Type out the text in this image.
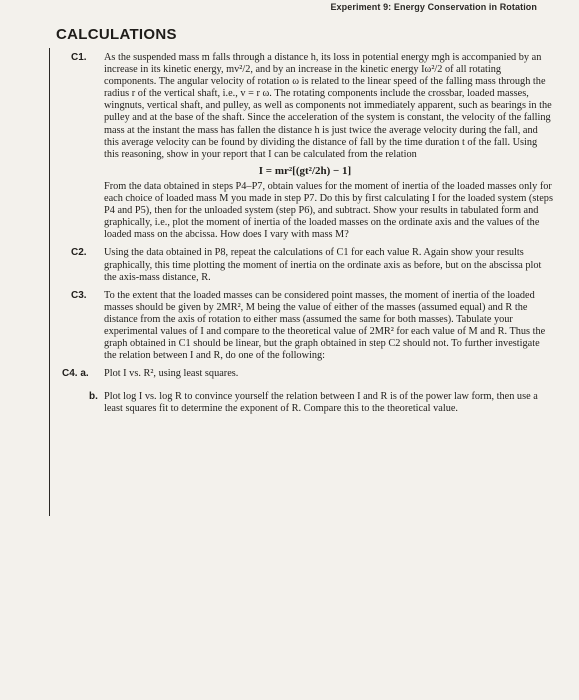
Experiment 9: Energy Conservation in Rotation
CALCULATIONS
C1. As the suspended mass m falls through a distance h, its loss in potential energy mgh is accompanied by an increase in its kinetic energy, mv²/2, and by an increase in the kinetic energy Iω²/2 of all rotating components. The angular velocity of rotation ω is related to the linear speed of the falling mass through the radius r of the vertical shaft, i.e., v = r ω. The rotating components include the crossbar, loaded masses, wingnuts, vertical shaft, and pulley, as well as components not immediately apparent, such as bearings in the pulley and at the base of the shaft. Since the acceleration of the system is constant, the velocity of the falling mass at the instant the mass has fallen the distance h is just twice the average velocity during the fall, and this average velocity can be found by dividing the distance of fall by the time duration t of the fall. Using this reasoning, show in your report that I can be calculated from the relation

I = mr²[(gt²/2h) − 1]

From the data obtained in steps P4–P7, obtain values for the moment of inertia of the loaded masses only for each choice of loaded mass M you made in step P7. Do this by first calculating I for the loaded system (steps P4 and P5), then for the unloaded system (step P6), and subtract. Show your results in tabulated form and graphically, i.e., plot the moment of inertia of the loaded masses on the ordinate axis and the values of the loaded mass on the abcissa. How does I vary with mass M?

C2. Using the data obtained in P8, repeat the calculations of C1 for each value R. Again show your results graphically, this time plotting the moment of inertia on the ordinate axis as before, but on the abscissa plot the axis-mass distance, R.

C3. To the extent that the loaded masses can be considered point masses, the moment of inertia of the loaded masses should be given by 2MR², M being the value of either of the masses (assumed equal) and R the distance from the axis of rotation to either mass (assumed the same for both masses). Tabulate your experimental values of I and compare to the theoretical value of 2MR² for each value of M and R. Thus the graph obtained in C1 should be linear, but the graph obtained in step C2 should not. To further investigate the relation between I and R, do one of the following:

C4. a. Plot I vs. R², using least squares.

b. Plot log I vs. log R to convince yourself the relation between I and R is of the power law form, then use a least squares fit to determine the exponent of R. Compare this to the theoretical value.
